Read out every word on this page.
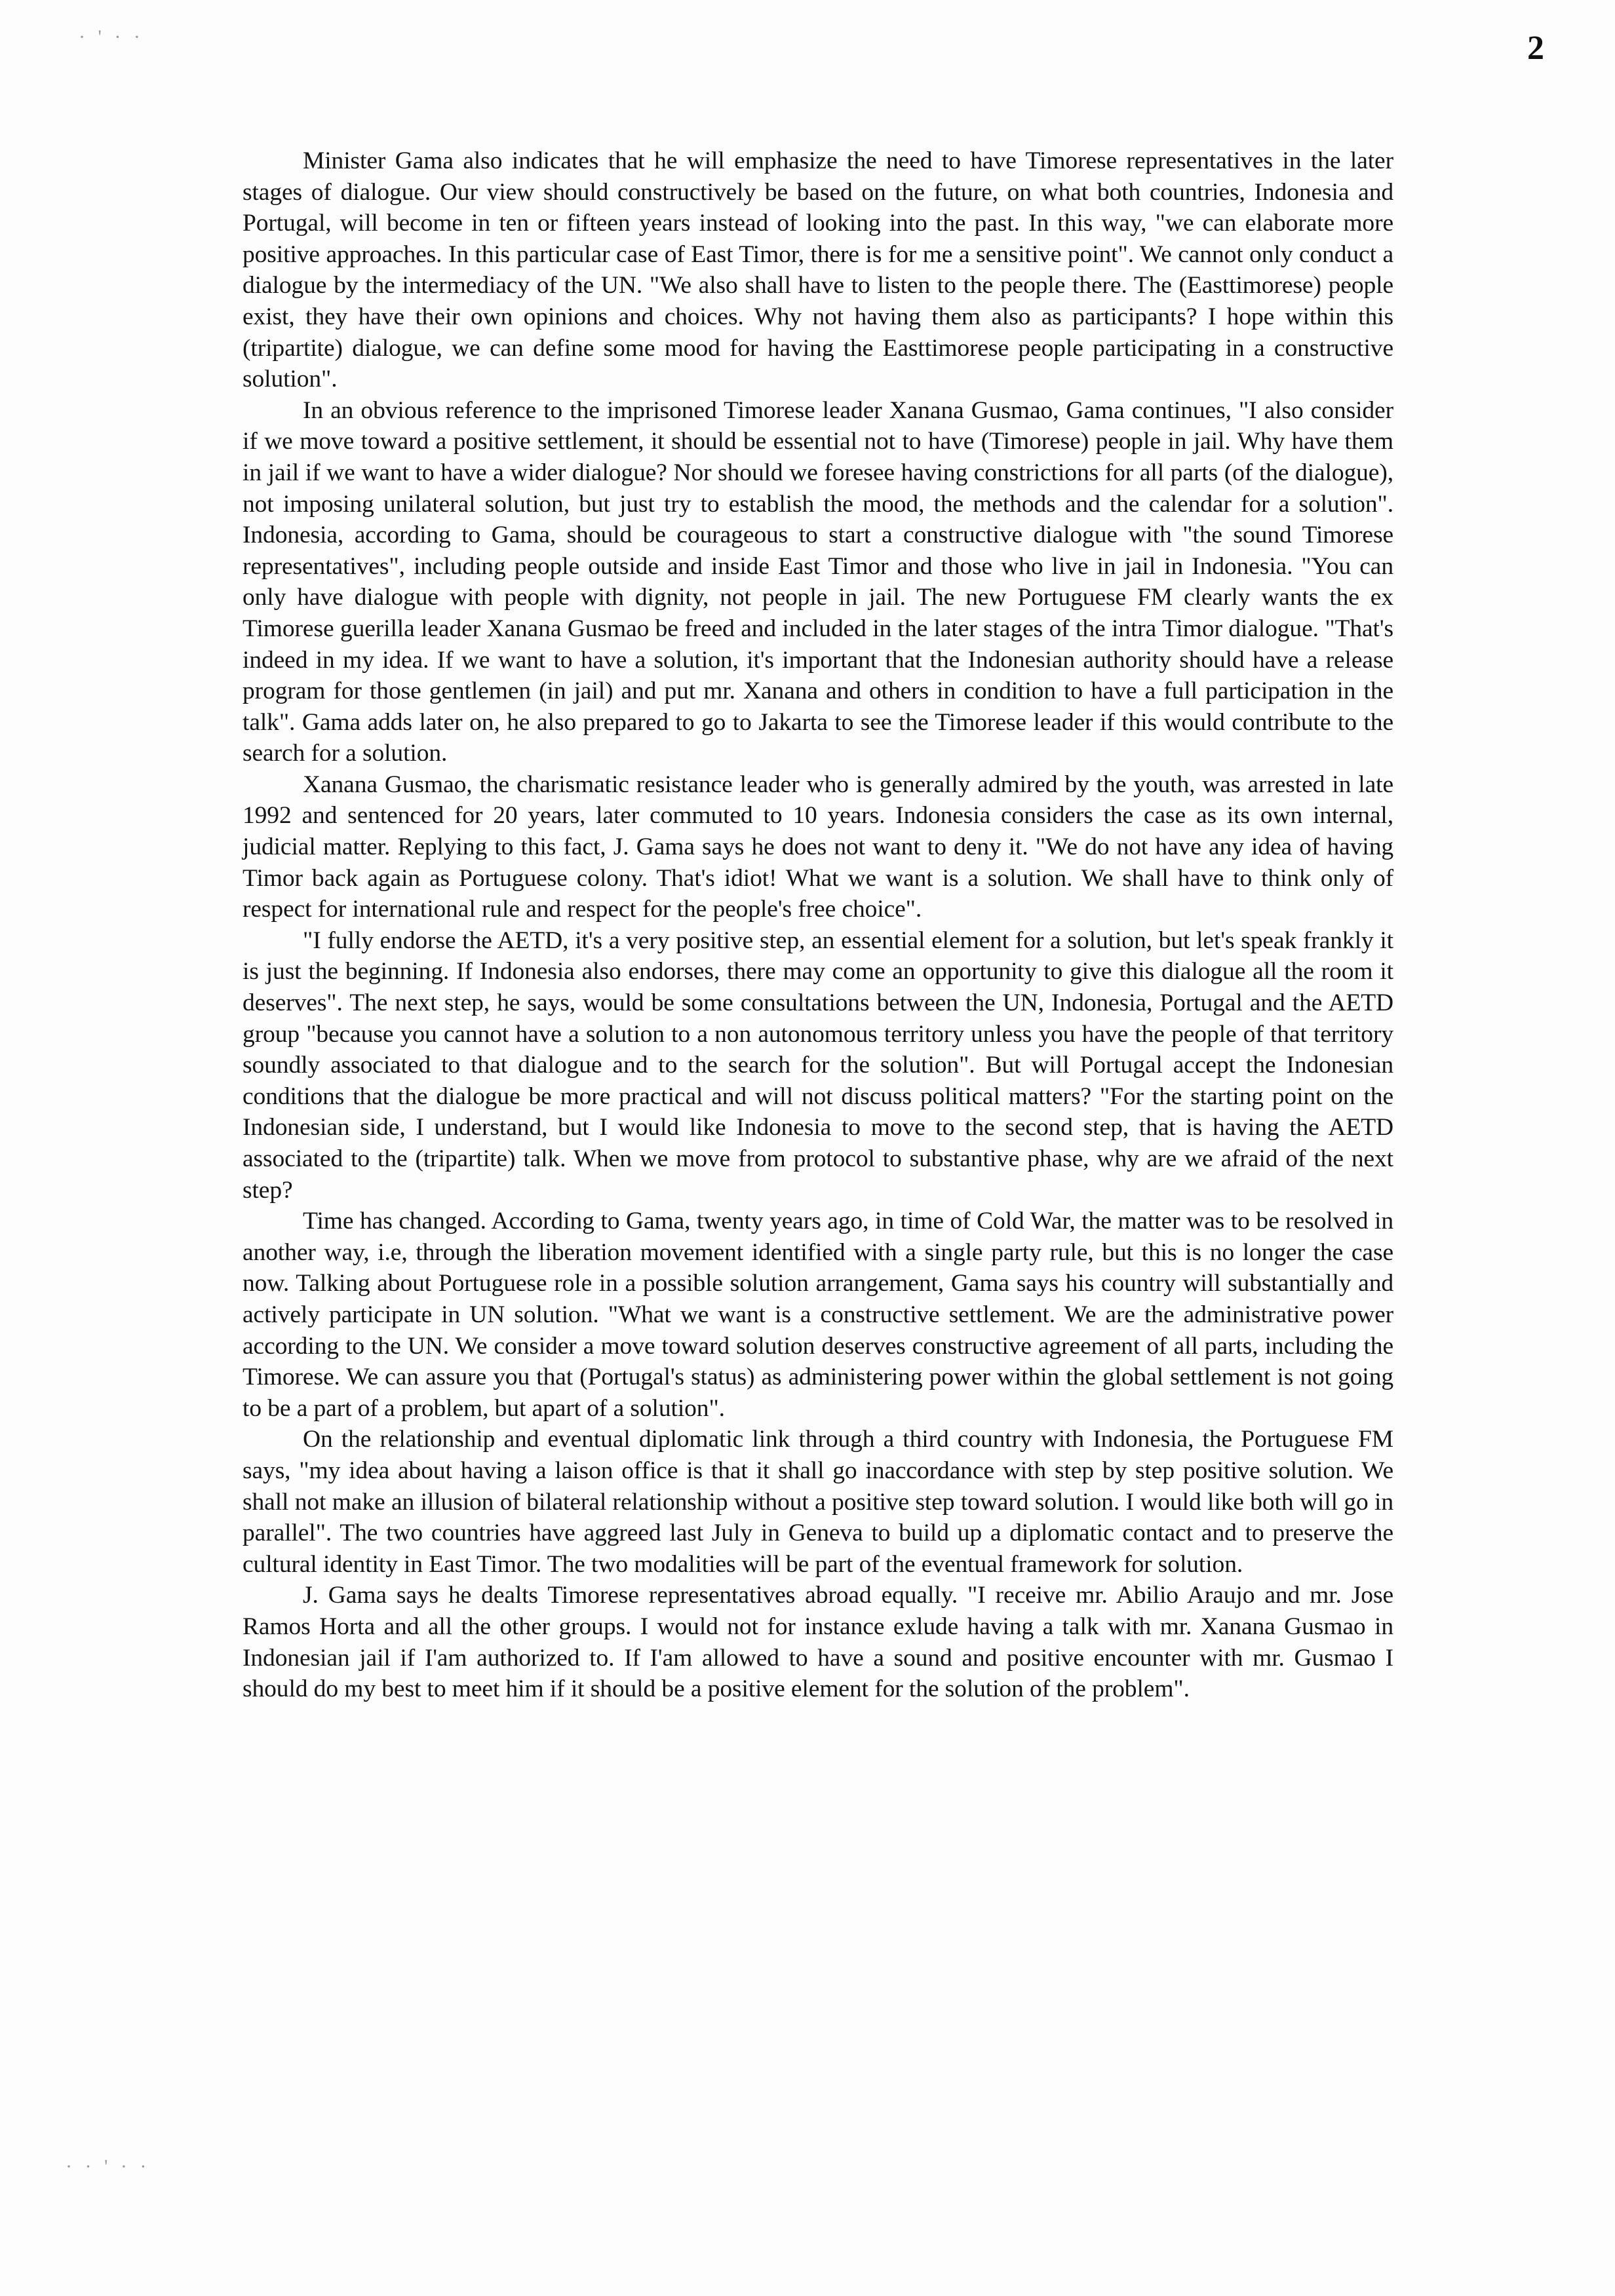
· ' · ·
· · ' · ·
2

Minister Gama also indicates that he will emphasize the need to have Timorese representatives in the later stages of dialogue. Our view should constructively be based on the future, on what both countries, Indonesia and Portugal, will become in ten or fifteen years instead of looking into the past. In this way, "we can elaborate more positive approaches. In this particular case of East Timor, there is for me a sensitive point". We cannot only conduct a dialogue by the intermediacy of the UN. "We also shall have to listen to the people there. The (Easttimorese) people exist, they have their own opinions and choices. Why not having them also as participants? I hope within this (tripartite) dialogue, we can define some mood for having the Easttimorese people participating in a constructive solution".

In an obvious reference to the imprisoned Timorese leader Xanana Gusmao, Gama continues, "I also consider if we move toward a positive settlement, it should be essential not to have (Timorese) people in jail. Why have them in jail if we want to have a wider dialogue? Nor should we foresee having constrictions for all parts (of the dialogue), not imposing unilateral solution, but just try to establish the mood, the methods and the calendar for a solution". Indonesia, according to Gama, should be courageous to start a constructive dialogue with "the sound Timorese representatives", including people outside and inside East Timor and those who live in jail in Indonesia. "You can only have dialogue with people with dignity, not people in jail. The new Portuguese FM clearly wants the ex Timorese guerilla leader Xanana Gusmao be freed and included in the later stages of the intra Timor dialogue. "That's indeed in my idea. If we want to have a solution, it's important that the Indonesian authority should have a release program for those gentlemen (in jail) and put mr. Xanana and others in condition to have a full participation in the talk". Gama adds later on, he also prepared to go to Jakarta to see the Timorese leader if this would contribute to the search for a solution.

Xanana Gusmao, the charismatic resistance leader who is generally admired by the youth, was arrested in late 1992 and sentenced for 20 years, later commuted to 10 years. Indonesia considers the case as its own internal, judicial matter. Replying to this fact, J. Gama says he does not want to deny it. "We do not have any idea of having Timor back again as Portuguese colony. That's idiot! What we want is a solution. We shall have to think only of respect for international rule and respect for the people's free choice".

"I fully endorse the AETD, it's a very positive step, an essential element for a solution, but let's speak frankly it is just the beginning. If Indonesia also endorses, there may come an opportunity to give this dialogue all the room it deserves". The next step, he says, would be some consultations between the UN, Indonesia, Portugal and the AETD group "because you cannot have a solution to a non autonomous territory unless you have the people of that territory soundly associated to that dialogue and to the search for the solution". But will Portugal accept the Indonesian conditions that the dialogue be more practical and will not discuss political matters? "For the starting point on the Indonesian side, I understand, but I would like Indonesia to move to the second step, that is having the AETD associated to the (tripartite) talk. When we move from protocol to substantive phase, why are we afraid of the next step?

Time has changed. According to Gama, twenty years ago, in time of Cold War, the matter was to be resolved in another way, i.e, through the liberation movement identified with a single party rule, but this is no longer the case now. Talking about Portuguese role in a possible solution arrangement, Gama says his country will substantially and actively participate in UN solution. "What we want is a constructive settlement. We are the administrative power according to the UN. We consider a move toward solution deserves constructive agreement of all parts, including the Timorese. We can assure you that (Portugal's status) as administering power within the global settlement is not going to be a part of a problem, but apart of a solution".

On the relationship and eventual diplomatic link through a third country with Indonesia, the Portuguese FM says, "my idea about having a laison office is that it shall go inaccordance with step by step positive solution. We shall not make an illusion of bilateral relationship without a positive step toward solution. I would like both will go in parallel". The two countries have aggreed last July in Geneva to build up a diplomatic contact and to preserve the cultural identity in East Timor. The two modalities will be part of the eventual framework for solution.

J. Gama says he dealts Timorese representatives abroad equally. "I receive mr. Abilio Araujo and mr. Jose Ramos Horta and all the other groups. I would not for instance exlude having a talk with mr. Xanana Gusmao in Indonesian jail if I'am authorized to. If I'am allowed to have a sound and positive encounter with mr. Gusmao I should do my best to meet him if it should be a positive element for the solution of the problem".
